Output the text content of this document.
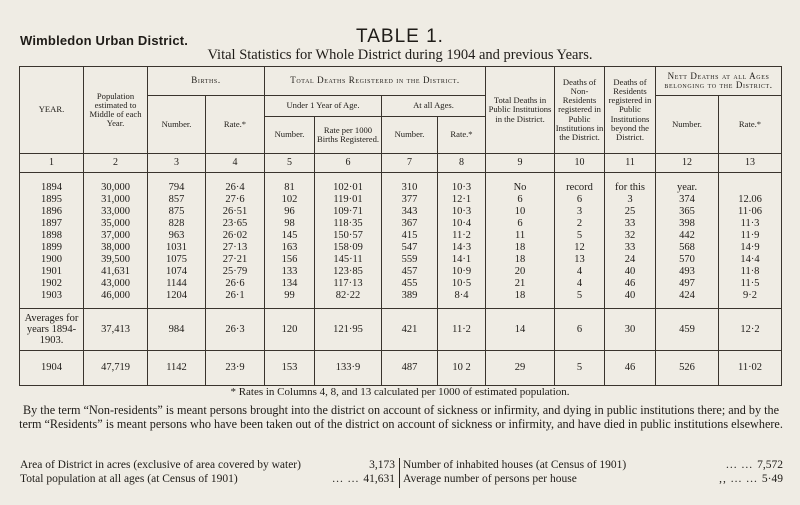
Wimbledon Urban District.	TABLE 1.
Vital Statistics for Whole District during 1904 and previous Years.
YEAR.	Population estimated to Middle of each Year.	Births.		Total Deaths Registered in the District.				Total Deaths in Public Institutions in the District.	Deaths of Non-Residents registered in Public Institutions in the District.	Deaths of Residents registered in Public Institutions beyond the District.	Nett Deaths at all Ages belonging to the District.	
		Number.	Rate.*	Under 1 Year of Age.		At all Ages.					Number.	Rate.*
				Number.	Rate per 1000 Births Registered.	Number.	Rate.*					
1	2	3	4	5	6	7	8	9	10	11	12	13
1894	30,000	794	26·4	81	102·01	310	10·3	No	record	for this	year.	
1895	31,000	857	27·6	102	119·01	377	12·1	6	6	3	374	12.06
1896	33,000	875	26·51	96	109·71	343	10·3	10	3	25	365	11·06
1897	35,000	828	23·65	98	118·35	367	10·4	6	2	33	398	11·3
1898	37,000	963	26·02	145	150·57	415	11·2	11	5	32	442	11·9
1899	38,000	1031	27·13	163	158·09	547	14·3	18	12	33	568	14·9
1900	39,500	1075	27·21	156	145·11	559	14·1	18	13	24	570	14·4
1901	41,631	1074	25·79	133	123·85	457	10·9	20	4	40	493	11·8
1902	43,000	1144	26·6	134	117·13	455	10·5	21	4	46	497	11·5
1903	46,000	1204	26·1	99	82·22	389	8·4	18	5	40	424	9·2
Averages for years 1894-1903.	37,413	984	26·3	120	121·95	421	11·2	14	6	30	459	12·2
1904	47,719	1142	23·9	153	133·9	487	10 2	29	5	46	526	11·02
* Rates in Columns 4, 8, and 13 calculated per 1000 of estimated population.
By the term “Non-residents” is meant persons brought into the district on account of sickness or infirmity, and dying in public institutions there; and by the term “Residents” is meant persons who have been taken out of the district on account of sickness or infirmity, and have died in public institutions elsewhere.
Area of District in acres (exclusive of area covered by water)	3,173
Total population at all ages (at Census of 1901)	... ... 41,631
Number of inhabited houses (at Census of 1901)	... ... 7,572
Average number of persons per house	,, ... ... 5·49
